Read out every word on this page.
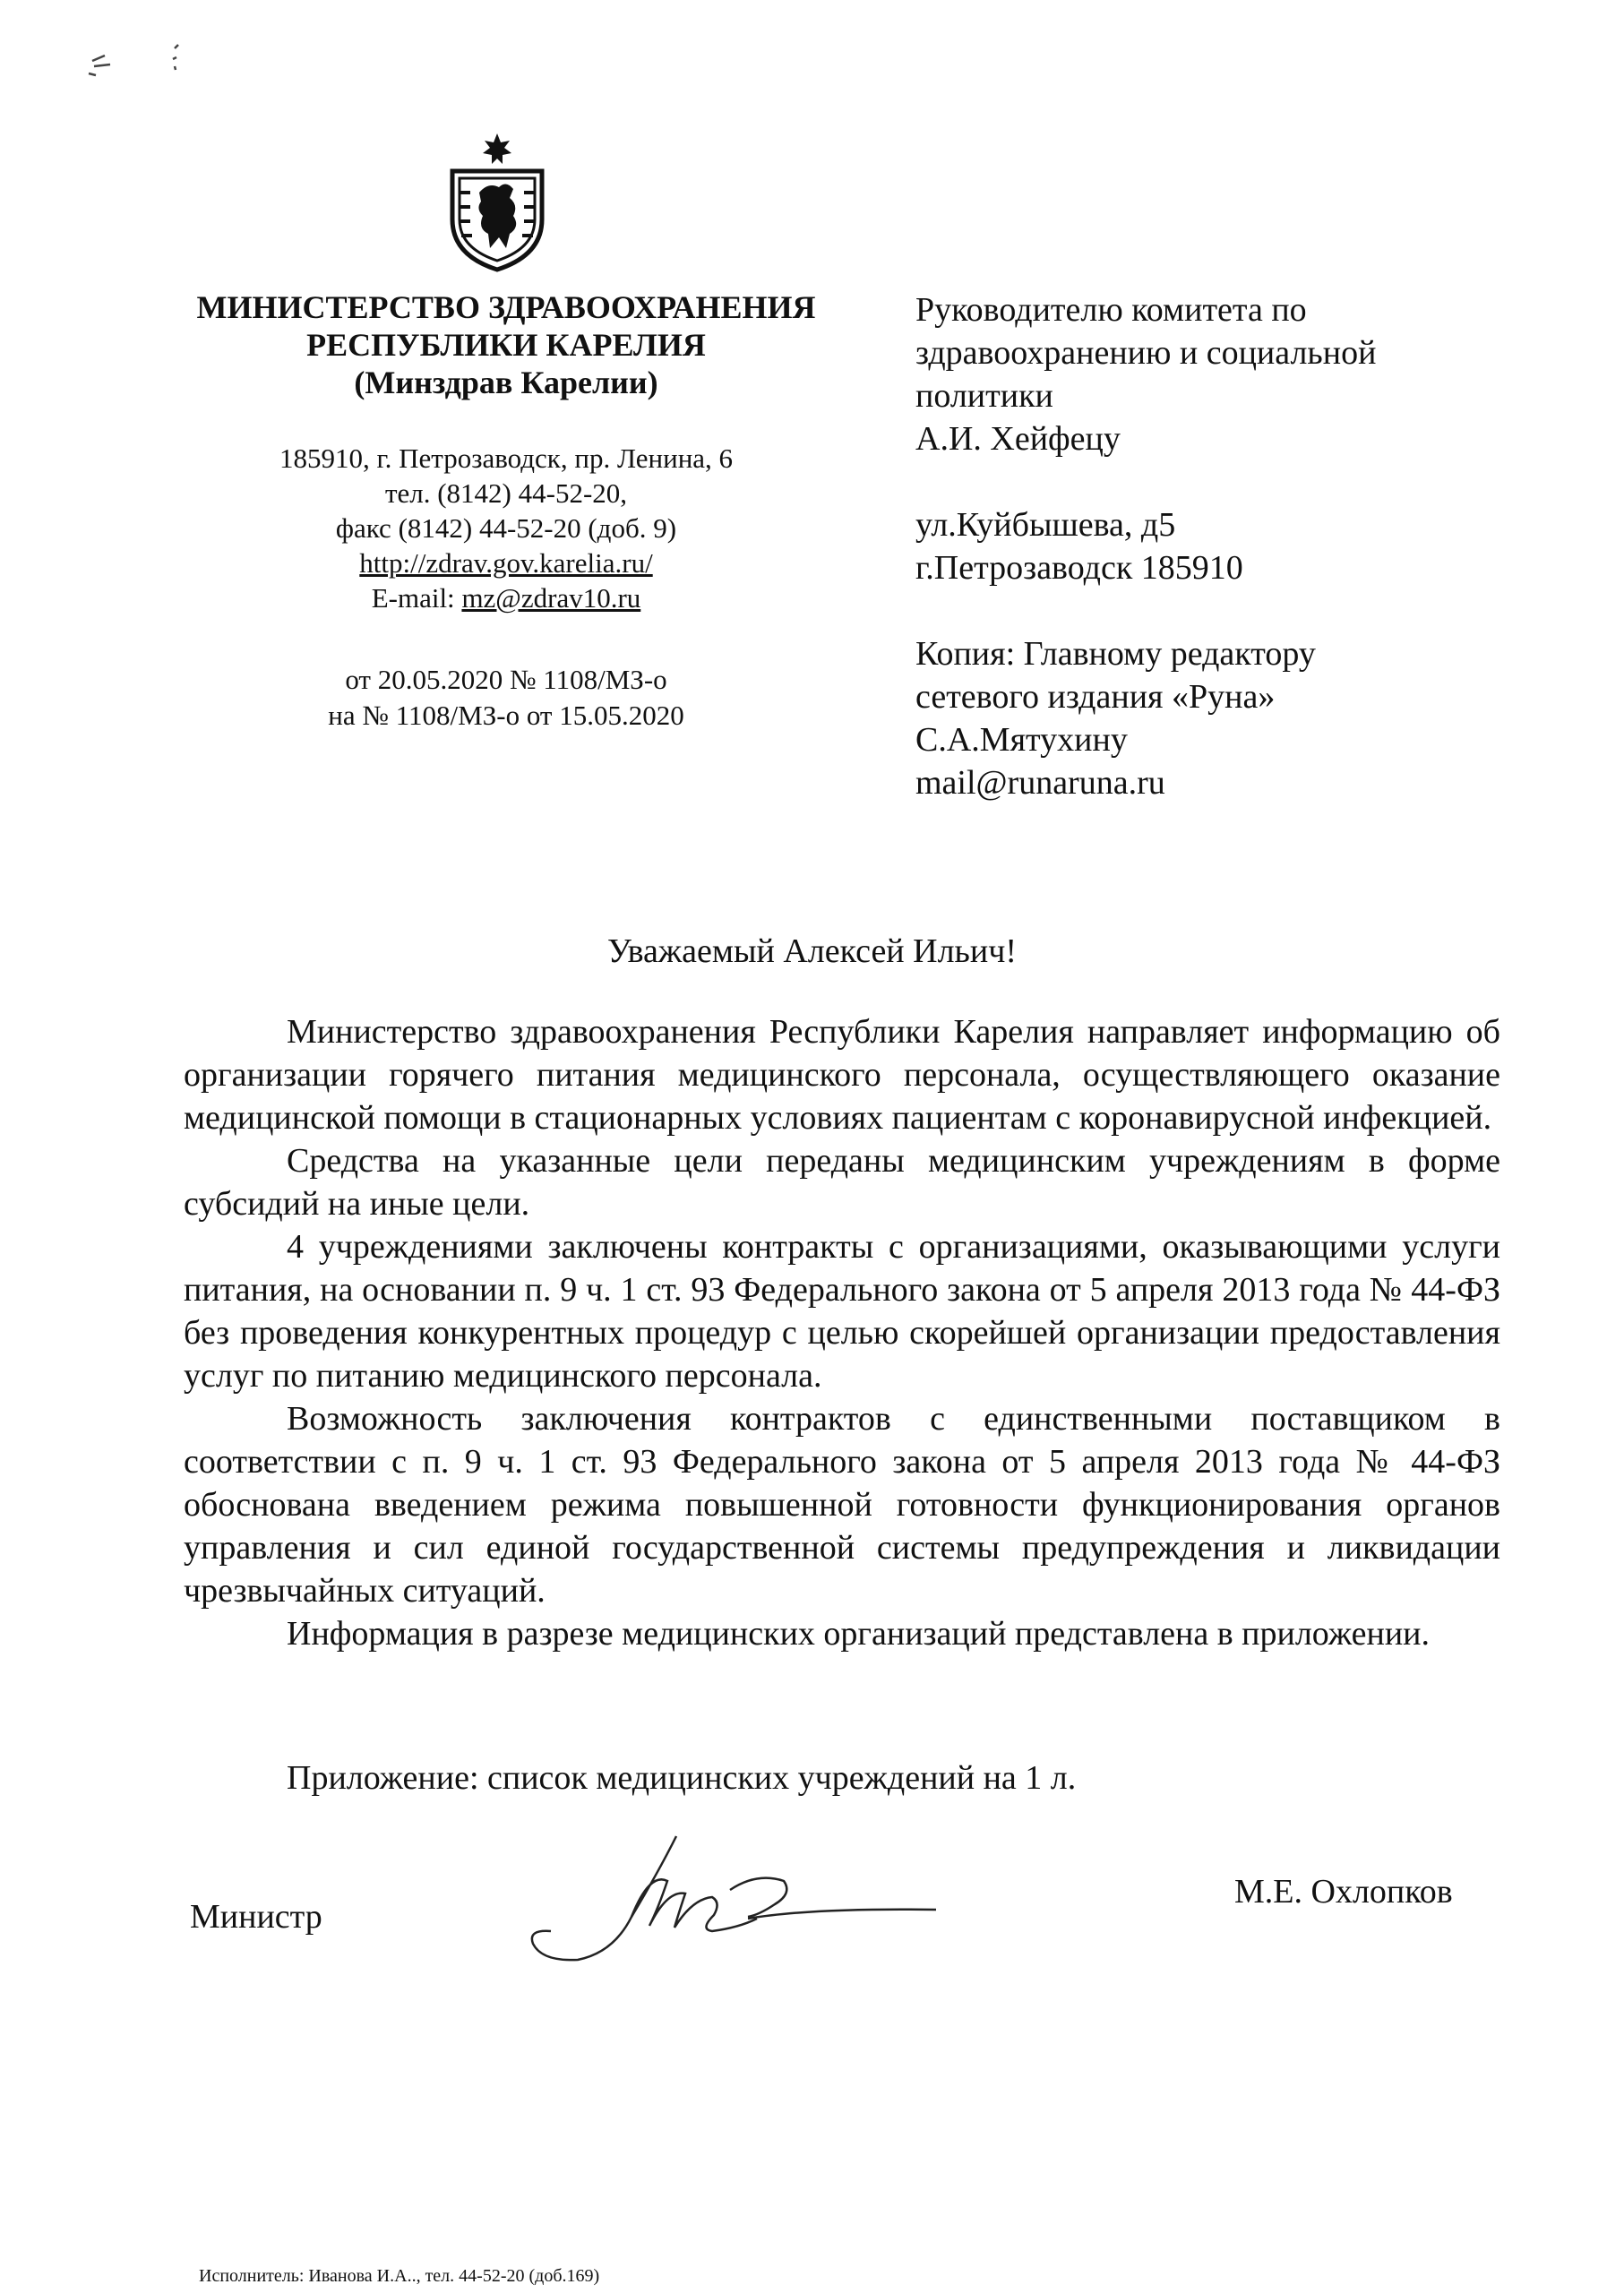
МИНИСТЕРСТВО ЗДРАВООХРАНЕНИЯ
РЕСПУБЛИКИ КАРЕЛИЯ
(Минздрав Карелии)
185910, г. Петрозаводск, пр. Ленина, 6
тел. (8142) 44-52-20,
факс (8142) 44-52-20 (доб. 9)
http://zdrav.gov.karelia.ru/
E-mail: mz@zdrav10.ru
от 20.05.2020 № 1108/МЗ-о
на № 1108/МЗ-о от 15.05.2020
Руководителю комитета по
здравоохранению и социальной
политики
А.И. Хейфецу
ул.Куйбышева, д5
г.Петрозаводск 185910
Копия: Главному редактору
сетевого издания «Руна»
С.А.Мятухину
mail@runaruna.ru
Уважаемый Алексей Ильич!

Министерство здравоохранения Республики Карелия направляет информацию об организации горячего питания медицинского персонала, осуществляющего оказание медицинской помощи в стационарных условиях пациентам с коронавирусной инфекцией.

Средства на указанные цели переданы медицинским учреждениям в форме субсидий на иные цели.

4 учреждениями заключены контракты с организациями, оказывающими услуги питания, на основании п. 9 ч. 1 ст. 93 Федерального закона от 5 апреля 2013 года № 44-ФЗ без проведения конкурентных процедур с целью скорейшей организации предоставления услуг по питанию медицинского персонала.

Возможность заключения контрактов с единственными поставщиком в соответствии с п. 9 ч. 1 ст. 93 Федерального закона от 5 апреля 2013 года № 44-ФЗ обоснована введением режима повышенной готовности функционирования органов управления и сил единой государственной системы предупреждения и ликвидации чрезвычайных ситуаций.

Информация в разрезе медицинских организаций представлена в приложении.

Приложение: список медицинских учреждений на 1 л.
Министр
М.Е. Охлопков
Исполнитель: Иванова И.А.., тел. 44-52-20 (доб.169)
